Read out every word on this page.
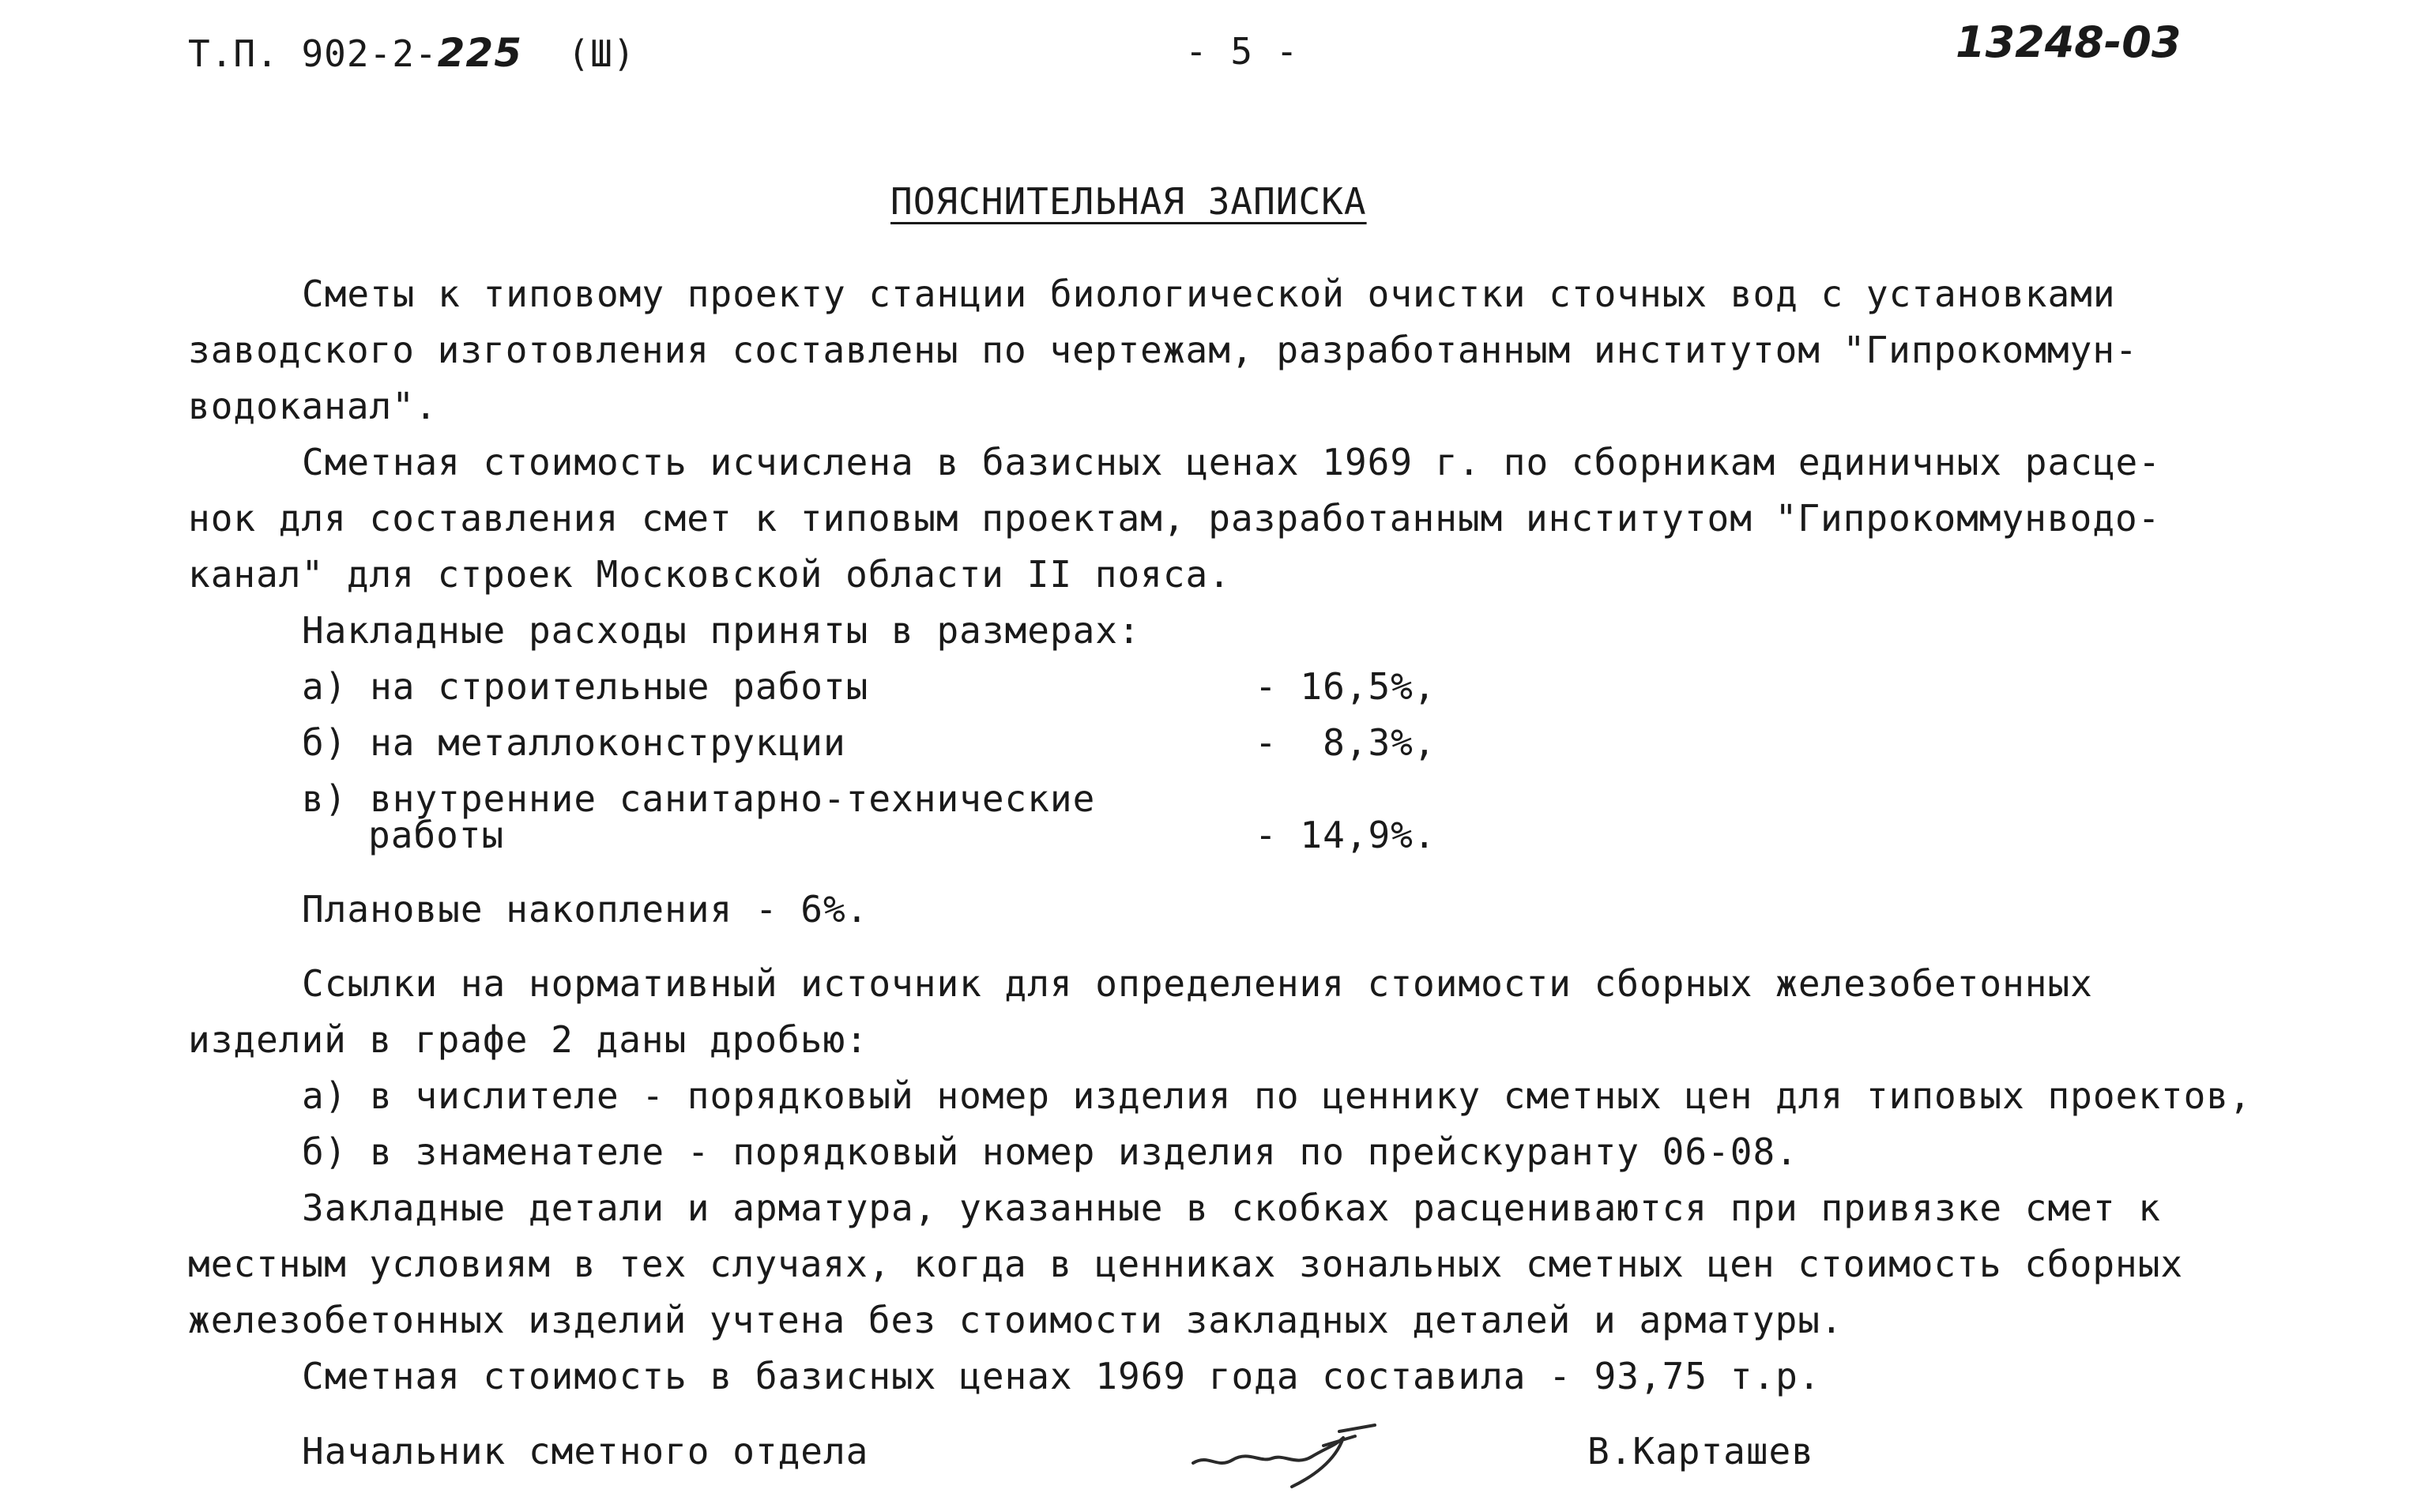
Т.П. 902-2-225 (Ш)	- 5 -	13248-03
ПОЯСНИТЕЛЬНАЯ ЗАПИСКА
Сметы к типовому проекту станции биологической очистки сточных вод с установками
заводского изготовления составлены по чертежам, разработанным институтом "Гипрокоммун-
водоканал".
Сметная стоимость исчислена в базисных ценах 1969 г. по сборникам единичных расце-
нок для составления смет к типовым проектам, разработанным институтом "Гипрокоммунводо-
канал" для строек Московской области II пояса.
Накладные расходы приняты в размерах:
а) на строительные работы	- 16,5%,
б) на металлоконструкции	-  8,3%,
в) внутренние санитарно-технические
работы	- 14,9%.
Плановые накопления - 6%.
Ссылки на нормативный источник для определения стоимости сборных железобетонных
изделий в графе 2 даны дробью:
а) в числителе - порядковый номер изделия по ценнику сметных цен для типовых проектов,
б) в знаменателе - порядковый номер изделия по прейскуранту 06-08.
Закладные детали и арматура, указанные в скобках расцениваются при привязке смет к
местным условиям в тех случаях, когда в ценниках зональных сметных цен стоимость сборных
железобетонных изделий учтена без стоимости закладных деталей и арматуры.
Сметная стоимость в базисных ценах 1969 года составила - 93,75 т.р.
Начальник сметного отдела	В.Карташев
